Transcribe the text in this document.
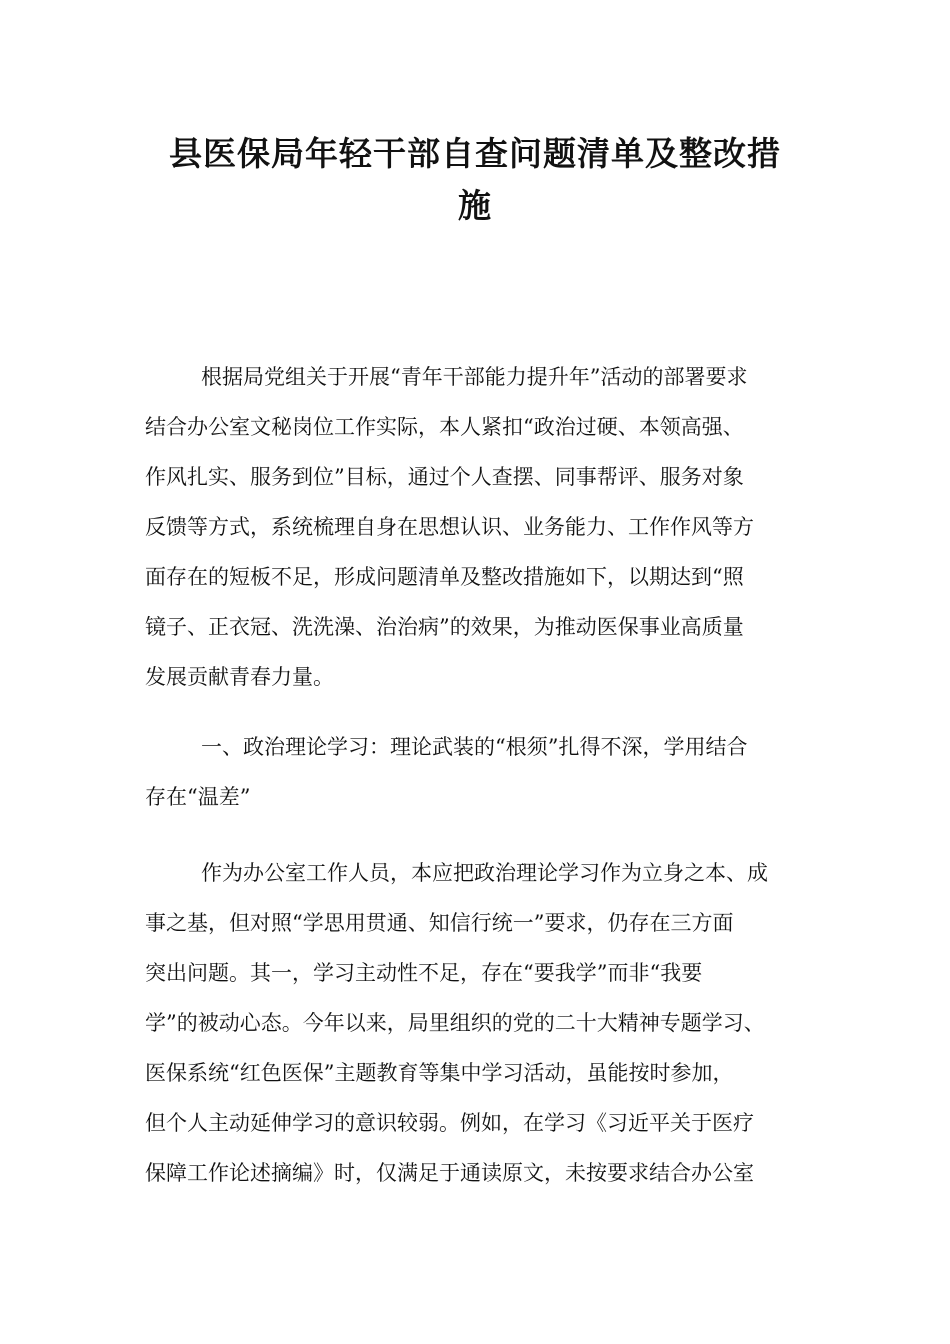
县医保局年轻干部自查问题清单及整改措
施
根据局党组关于开展“青年干部能力提升年”活动的部署要求
结合办公室文秘岗位工作实际，本人紧扣“政治过硬、本领高强、
作风扎实、服务到位”目标，通过个人查摆、同事帮评、服务对象
反馈等方式，系统梳理自身在思想认识、业务能力、工作作风等方
面存在的短板不足，形成问题清单及整改措施如下，以期达到“照
镜子、正衣冠、洗洗澡、治治病”的效果，为推动医保事业高质量
发展贡献青春力量。
一、政治理论学习：理论武装的“根须”扎得不深，学用结合
存在“温差”
作为办公室工作人员，本应把政治理论学习作为立身之本、成
事之基，但对照“学思用贯通、知信行统一”要求，仍存在三方面
突出问题。其一，学习主动性不足，存在“要我学”而非“我要
学”的被动心态。今年以来，局里组织的党的二十大精神专题学习、
医保系统“红色医保”主题教育等集中学习活动，虽能按时参加，
但个人主动延伸学习的意识较弱。例如，在学习《习近平关于医疗
保障工作论述摘编》时，仅满足于通读原文，未按要求结合办公室
